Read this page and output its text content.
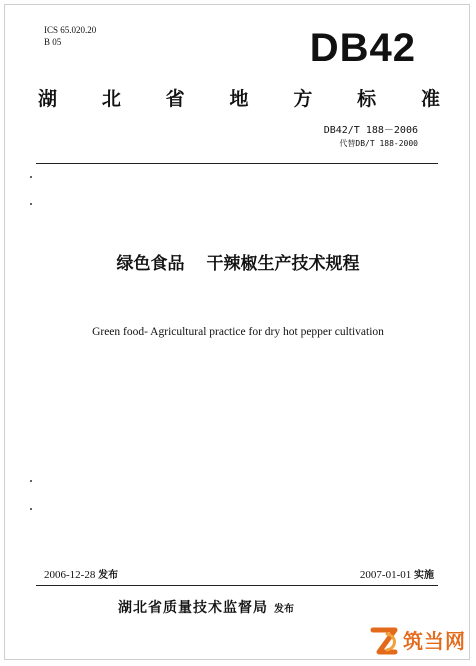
ICS 65.020.20
B 05	DB42
湖 北 省 地 方 标 准
DB42/T 188－2006
代替DB/T 188-2000
绿色食品 干辣椒生产技术规程
Green food- Agricultural practice for dry hot pepper cultivation
2006-12-28 发布	2007-01-01 实施
湖北省质量技术监督局 发布
筑当网
